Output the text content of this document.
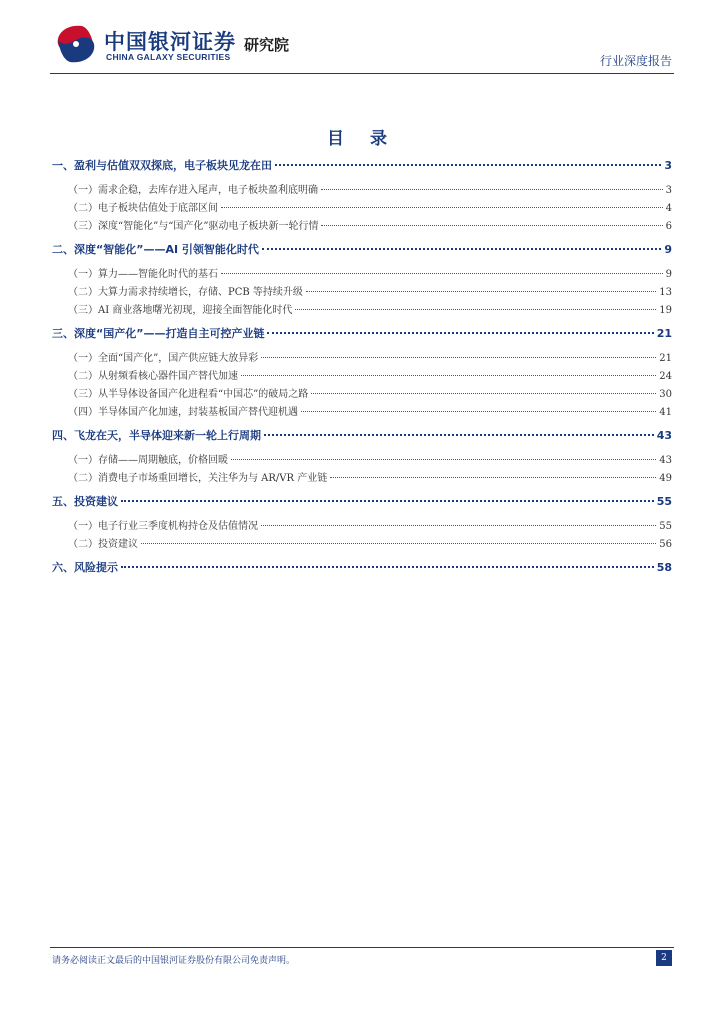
中国银河证券
CHINA GALAXY SECURITIES
研究院
行业深度报告
目 录
一、盈利与估值双双探底，电子板块见龙在田	3
（一）需求企稳，去库存进入尾声，电子板块盈利底明确	3
（二）电子板块估值处于底部区间	4
（三）深度“智能化”与“国产化”驱动电子板块新一轮行情	6
二、深度“智能化”——AI 引领智能化时代	9
（一）算力——智能化时代的基石	9
（二）大算力需求持续增长，存储、PCB 等持续升级	13
（三）AI 商业落地曙光初现，迎接全面智能化时代	19
三、深度“国产化”——打造自主可控产业链	21
（一）全面“国产化”，国产供应链大放异彩	21
（二）从射频看核心器件国产替代加速	24
（三）从半导体设备国产化进程看“中国芯”的破局之路	30
（四）半导体国产化加速，封装基板国产替代迎机遇	41
四、飞龙在天，半导体迎来新一轮上行周期	43
（一）存储——周期触底，价格回暖	43
（二）消费电子市场重回增长，关注华为与 AR/VR 产业链	49
五、投资建议	55
（一）电子行业三季度机构持仓及估值情况	55
（二）投资建议	56
六、风险提示	58
请务必阅读正文最后的中国银河证券股份有限公司免责声明。	2
